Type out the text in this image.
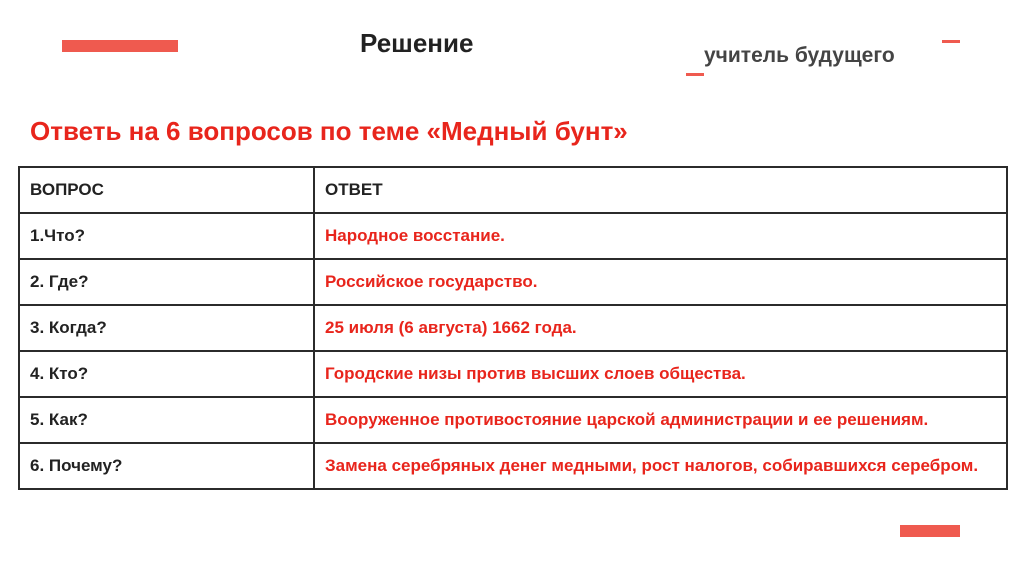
Решение	учитель будущего
Ответь на 6 вопросов по теме «Медный бунт»
ВОПРОС	ОТВЕТ
1.Что?	Народное восстание.
2. Где?	Российское государство.
3. Когда?	25 июля (6 августа) 1662 года.
4. Кто?	Городские низы против высших слоев общества.
5. Как?	Вооруженное противостояние царской администрации и ее решениям.
6. Почему?	Замена серебряных денег медными, рост налогов, собиравшихся серебром.
